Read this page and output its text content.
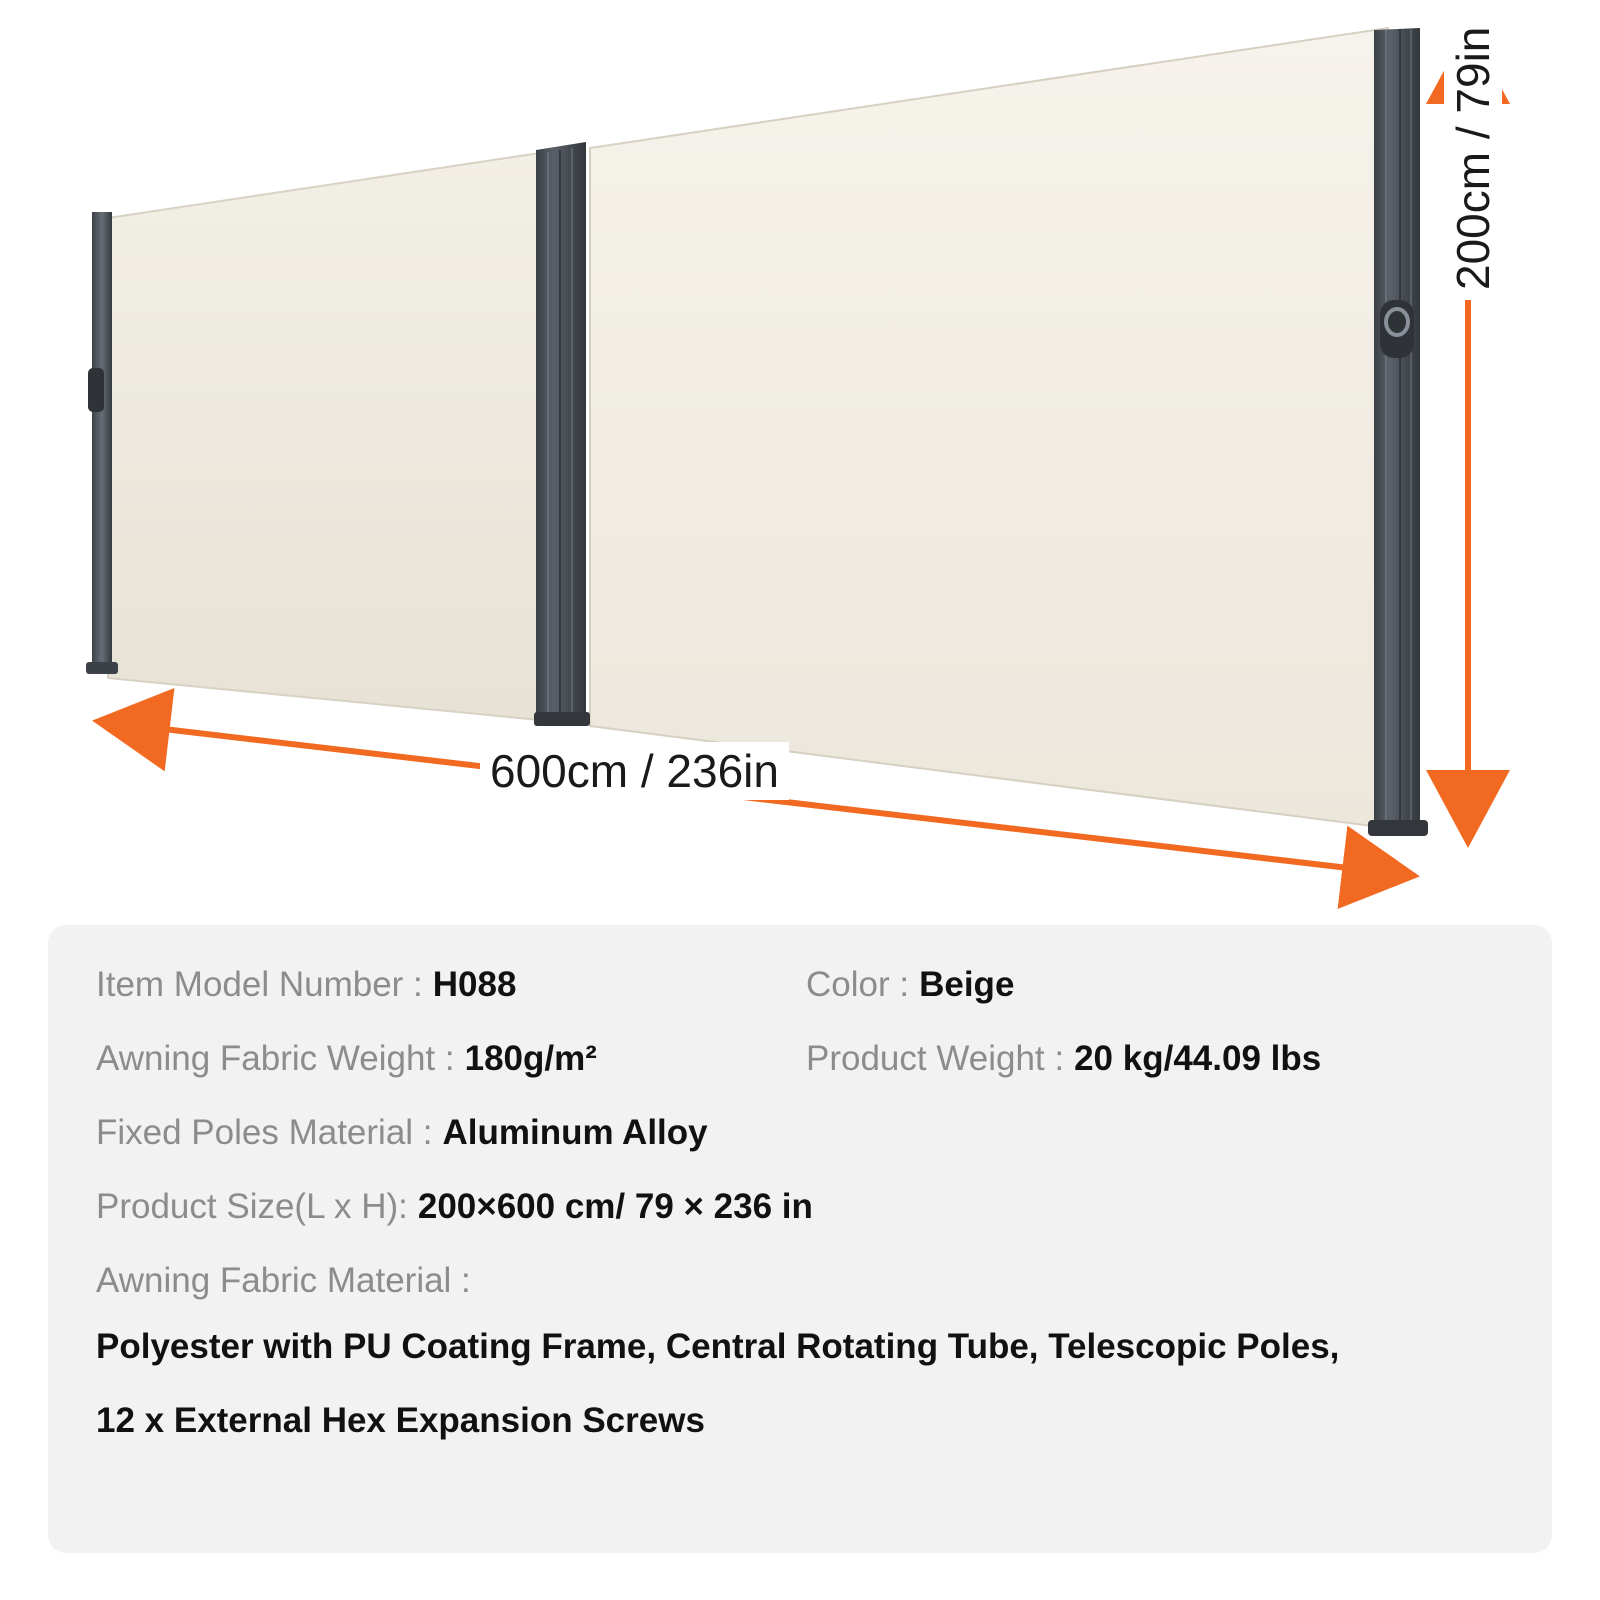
600cm / 236in
200cm / 79in
Item Model Number : H088	Color : Beige
Awning Fabric Weight : 180g/m²	Product Weight : 20 kg/44.09 lbs
Fixed Poles Material : Aluminum Alloy
Product Size(L x H): 200×600 cm/ 79 × 236 in
Awning Fabric Material :
Polyester with PU Coating Frame, Central Rotating Tube, Telescopic Poles,
12 x External Hex Expansion Screws
